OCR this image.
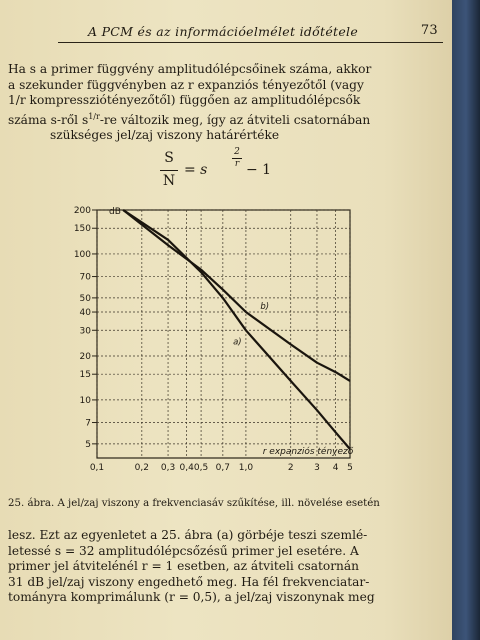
A PCM és az információelmélet időtétele	73

Ha s a primer függvény amplitudólépcsőinek száma, akkor

a szekunder függvényben az r expanziós tényezőtől (vagy

1/r kompressziótényezőtől) függően az amplitudólépcsők

száma s-ről $s^{1/r}-re$ változik meg, így az átviteli csatornában

szükséges jel/zaj viszony határértéke

S
N
= s
2
r − 1
0,1	0,2 0,3 0,4 0,5 0,7 1,0	2 3 4 5
200
150
100
70
50
40
30
20
15
10
7
5
dB
r expanziós tényező
a)
b)
25. ábra. A jel/zaj viszony a frekvenciasáv szűkítése, ill. növelése esetén

lesz. Ezt az egyenletet a 25. ábra (a) görbéje teszi szemlé-

letessé s = 32 amplitudólépcsőzésű primer jel esetére. A

primer jel átvitelénél r = 1 esetben, az átviteli csatornán

31 dB jel/zaj viszony engedhető meg. Ha fél frekvenciatar-

tományra komprimálunk (r = 0,5), a jel/zaj viszonynak meg
